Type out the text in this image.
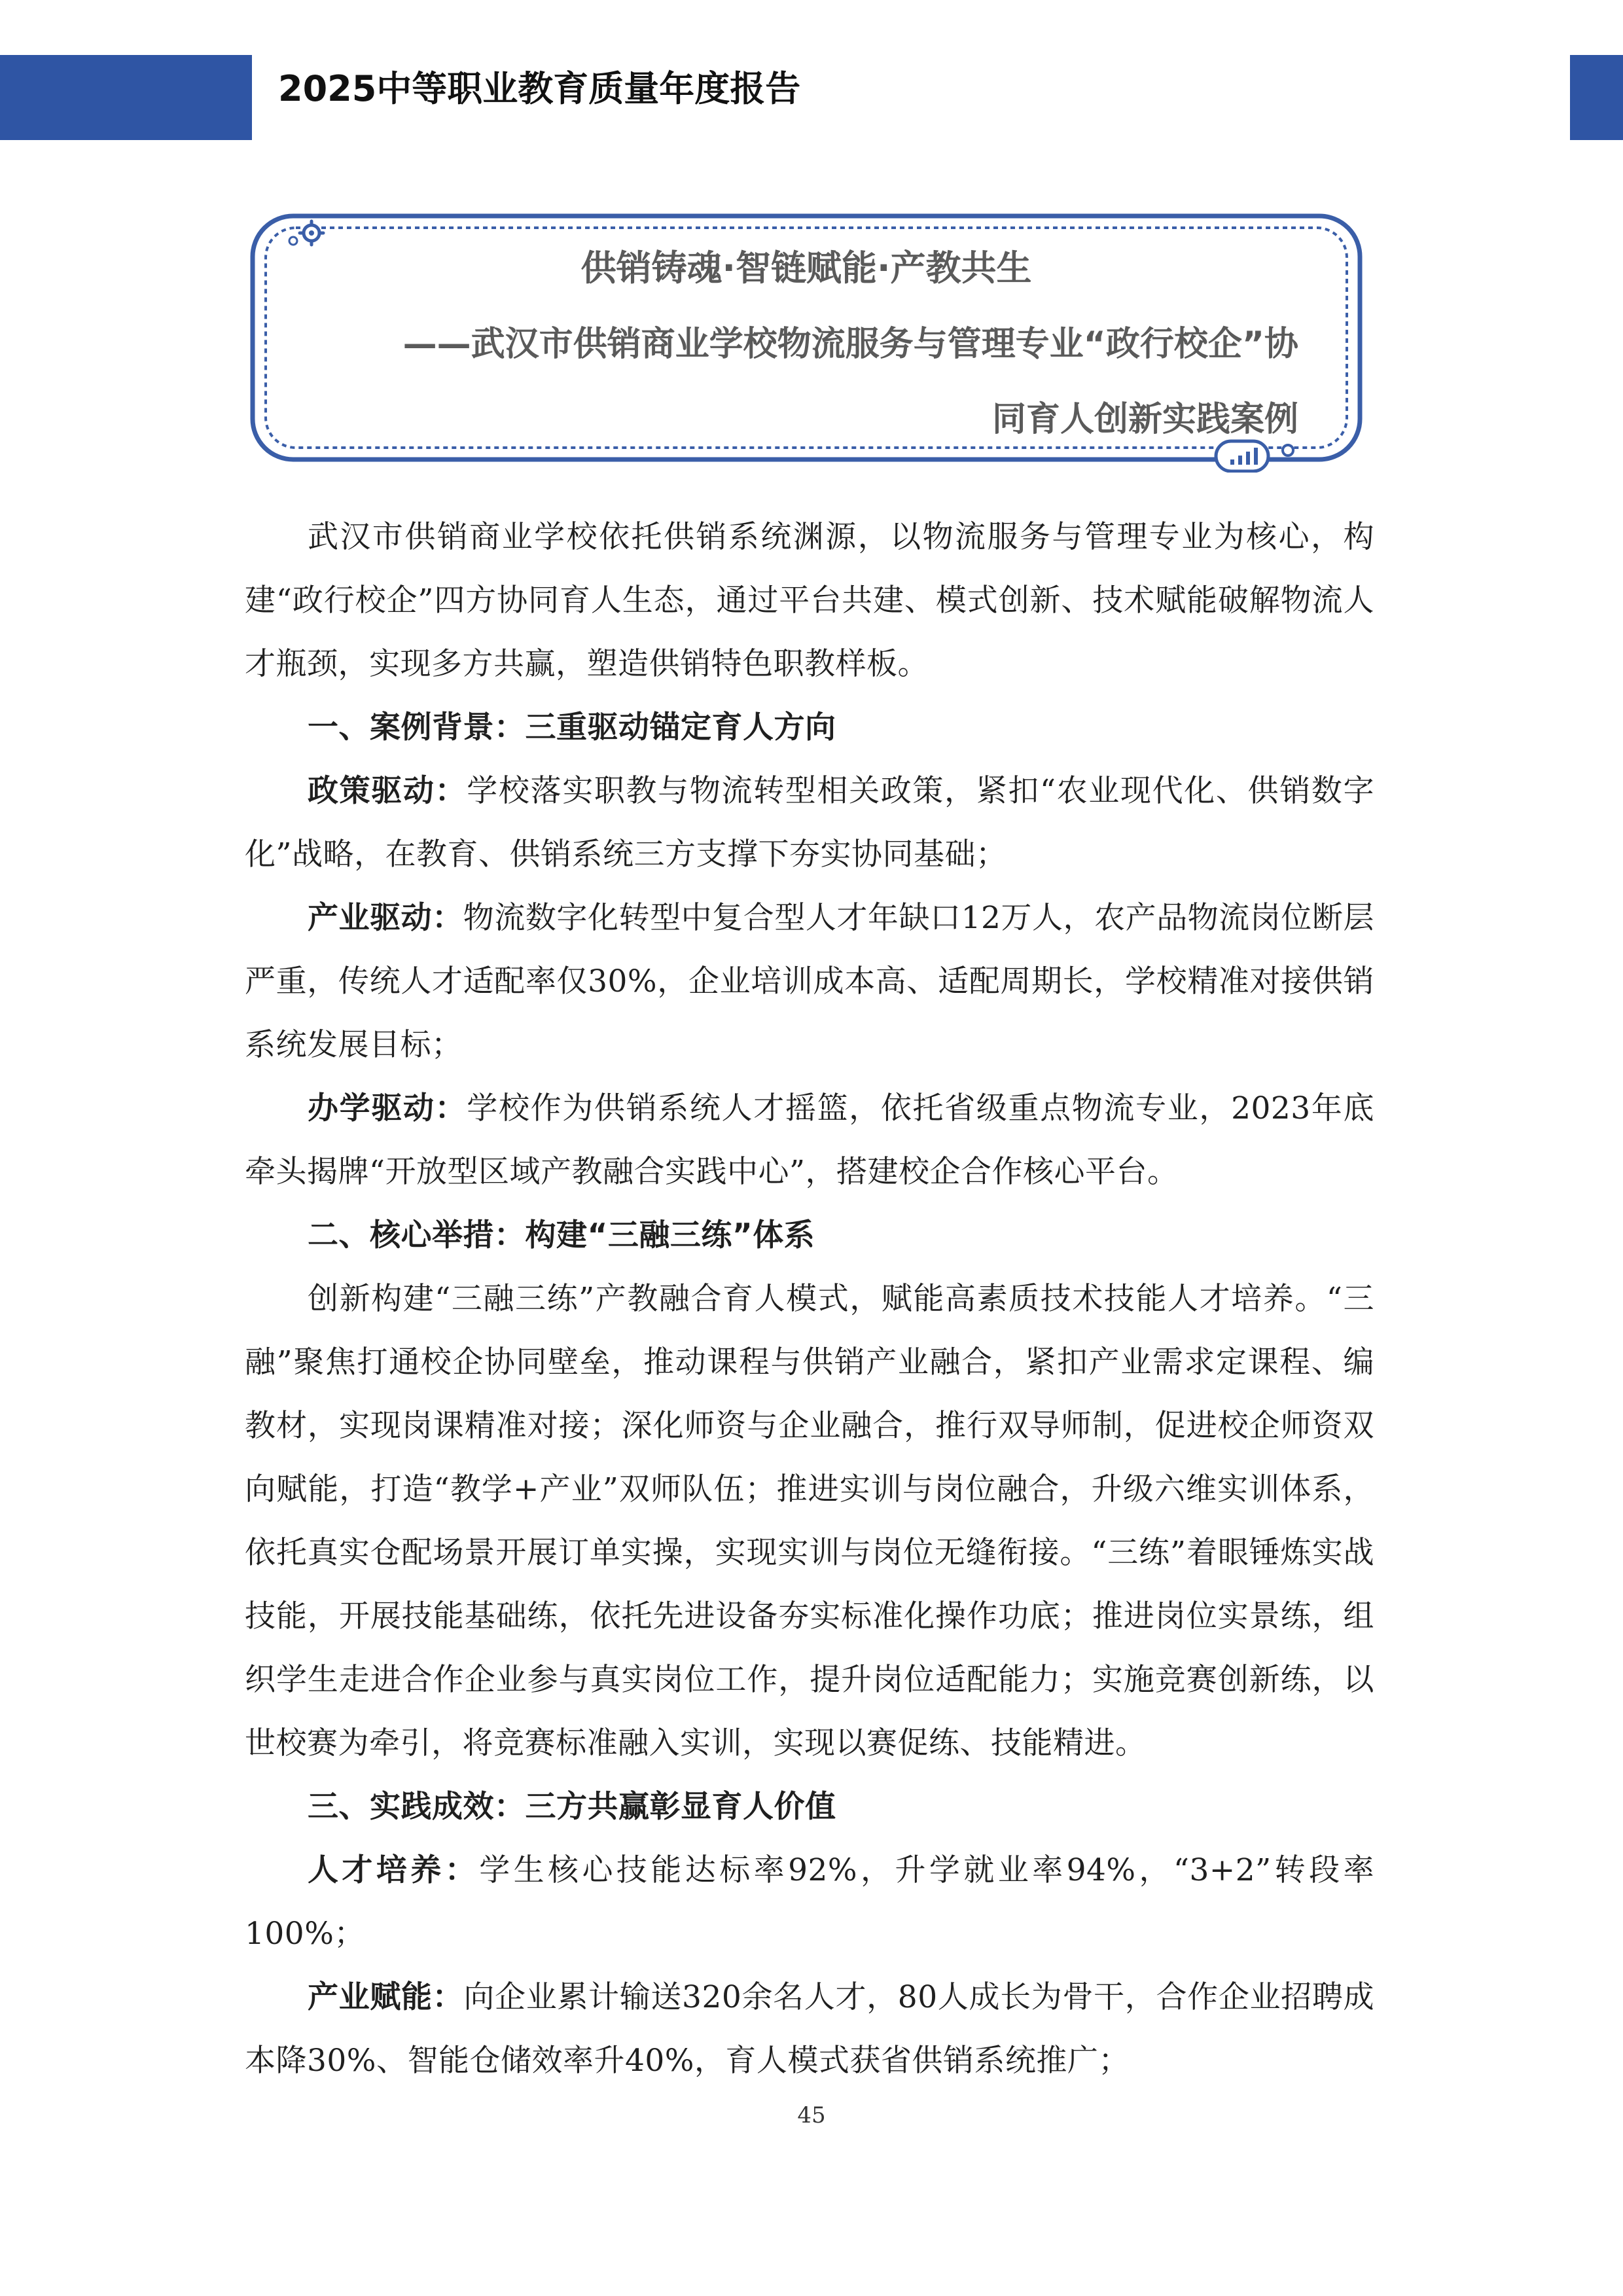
2025中等职业教育质量年度报告
供销铸魂·智链赋能·产教共生
——武汉市供销商业学校物流服务与管理专业“政行校企”协
同育人创新实践案例

武汉市供销商业学校依托供销系统渊源，以物流服务与管理专业为核心，构建“政行校企”四方协同育人生态，通过平台共建、模式创新、技术赋能破解物流人才瓶颈，实现多方共赢，塑造供销特色职教样板。

一、案例背景：三重驱动锚定育人方向

政策驱动：学校落实职教与物流转型相关政策，紧扣“农业现代化、供销数字化”战略，在教育、供销系统三方支撑下夯实协同基础；

产业驱动：物流数字化转型中复合型人才年缺口12万人，农产品物流岗位断层严重，传统人才适配率仅30%，企业培训成本高、适配周期长，学校精准对接供销系统发展目标；

办学驱动：学校作为供销系统人才摇篮，依托省级重点物流专业，2023年底牵头揭牌“开放型区域产教融合实践中心”，搭建校企合作核心平台。

二、核心举措：构建“三融三练”体系

创新构建“三融三练”产教融合育人模式，赋能高素质技术技能人才培养。“三融”聚焦打通校企协同壁垒，推动课程与供销产业融合，紧扣产业需求定课程、编教材，实现岗课精准对接；深化师资与企业融合，推行双导师制，促进校企师资双向赋能，打造“教学+产业”双师队伍；推进实训与岗位融合，升级六维实训体系，依托真实仓配场景开展订单实操，实现实训与岗位无缝衔接。“三练”着眼锤炼实战技能，开展技能基础练，依托先进设备夯实标准化操作功底；推进岗位实景练，组织学生走进合作企业参与真实岗位工作，提升岗位适配能力；实施竞赛创新练，以世校赛为牵引，将竞赛标准融入实训，实现以赛促练、技能精进。

三、实践成效：三方共赢彰显育人价值

人才培养：学生核心技能达标率92%，升学就业率94%，“3+2”转段率100%；

产业赋能：向企业累计输送320余名人才，80人成长为骨干，合作企业招聘成本降30%、智能仓储效率升40%，育人模式获省供销系统推广；

45
